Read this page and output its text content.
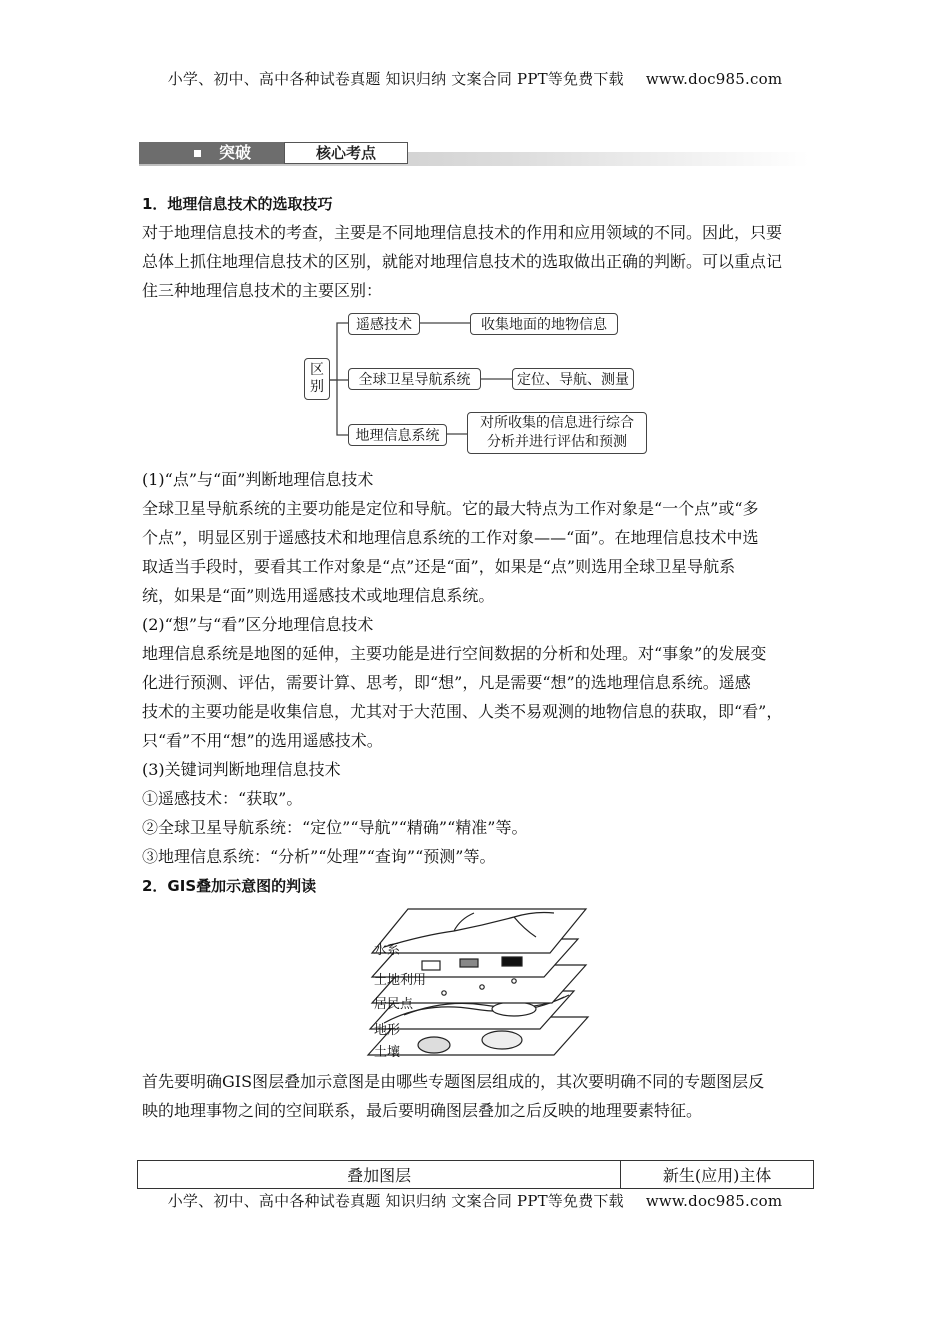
小学、初中、高中各种试卷真题 知识归纳 文案合同 PPT等免费下载 www.doc985.com
突破	核心考点
1．地理信息技术的选取技巧
对于地理信息技术的考查，主要是不同地理信息技术的作用和应用领域的不同。因此，只要
总体上抓住地理信息技术的区别，就能对地理信息技术的选取做出正确的判断。可以重点记
住三种地理信息技术的主要区别：
区
别
遥感技术	收集地面的地物信息
全球卫星导航系统	定位、导航、测量
地理信息系统
对所收集的信息进行综合
分析并进行评估和预测
(1)“点”与“面”判断地理信息技术
全球卫星导航系统的主要功能是定位和导航。它的最大特点为工作对象是“一个点”或“多
个点”，明显区别于遥感技术和地理信息系统的工作对象——“面”。在地理信息技术中选
取适当手段时，要看其工作对象是“点”还是“面”，如果是“点”则选用全球卫星导航系
统，如果是“面”则选用遥感技术或地理信息系统。
(2)“想”与“看”区分地理信息技术
地理信息系统是地图的延伸，主要功能是进行空间数据的分析和处理。对“事象”的发展变
化进行预测、评估，需要计算、思考，即“想”，凡是需要“想”的选地理信息系统。遥感
技术的主要功能是收集信息，尤其对于大范围、人类不易观测的地物信息的获取，即“看”，
只“看”不用“想”的选用遥感技术。
(3)关键词判断地理信息技术
①遥感技术：“获取”。
②全球卫星导航系统：“定位”“导航”“精确”“精准”等。
③地理信息系统：“分析”“处理”“查询”“预测”等。
2．GIS叠加示意图的判读
水系
土地利用
居民点
地形
土壤
首先要明确GIS图层叠加示意图是由哪些专题图层组成的，其次要明确不同的专题图层反
映的地理事物之间的空间联系，最后要明确图层叠加之后反映的地理要素特征。
叠加图层	新生(应用)主体
小学、初中、高中各种试卷真题 知识归纳 文案合同 PPT等免费下载 www.doc985.com
